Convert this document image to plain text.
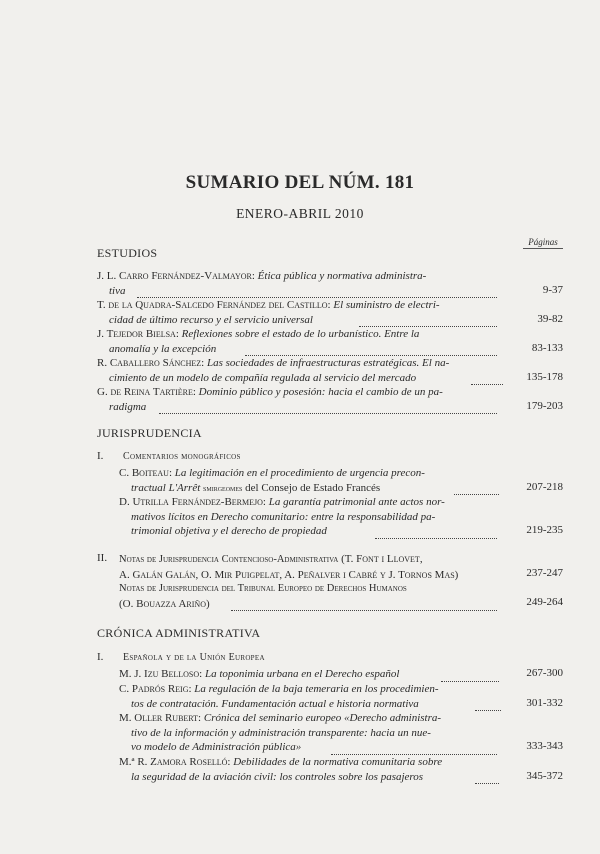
SUMARIO DEL NÚM. 181
ENERO-ABRIL 2010
Páginas
ESTUDIOS
J. L. Carro Fernández-Valmayor: Ética pública y normativa administra-
tiva	9-37
T. de la Quadra-Salcedo Fernández del Castillo: El suministro de electri-
cidad de último recurso y el servicio universal	39-82
J. Tejedor Bielsa: Reflexiones sobre el estado de lo urbanístico. Entre la
anomalía y la excepción	83-133
R. Caballero Sánchez: Las sociedades de infraestructuras estratégicas. El na-
cimiento de un modelo de compañía regulada al servicio del mercado	135-178
G. de Reina Tartière: Dominio público y posesión: hacia el cambio de un pa-
radigma	179-203
JURISPRUDENCIA
I. Comentarios monográficos
C. Boiteau: La legitimación en el procedimiento de urgencia precon-
tractual L'Arrêt smirgeomes del Consejo de Estado Francés	207-218
D. Utrilla Fernández-Bermejo: La garantía patrimonial ante actos nor-
mativos lícitos en Derecho comunitario: entre la responsabilidad pa-
trimonial objetiva y el derecho de propiedad	219-235
II. Notas de Jurisprudencia Contencioso-Administrativa (T. Font i Llovet,
A. Galán Galán, O. Mir Puigpelat, A. Peñalver i Cabré y J. Tornos Mas)	237-247
Notas de Jurisprudencia del Tribunal Europeo de Derechos Humanos
(O. Bouazza Ariño)	249-264
CRÓNICA ADMINISTRATIVA
I. Española y de la Unión Europea
M. J. Izu Belloso: La toponimia urbana en el Derecho español	267-300
C. Padrós Reig: La regulación de la baja temeraria en los procedimien-
tos de contratación. Fundamentación actual e historia normativa	301-332
M. Oller Rubert: Crónica del seminario europeo «Derecho administra-
tivo de la información y administración transparente: hacia un nue-
vo modelo de Administración pública»	333-343
M.ª R. Zamora Roselló: Debilidades de la normativa comunitaria sobre
la seguridad de la aviación civil: los controles sobre los pasajeros	345-372
